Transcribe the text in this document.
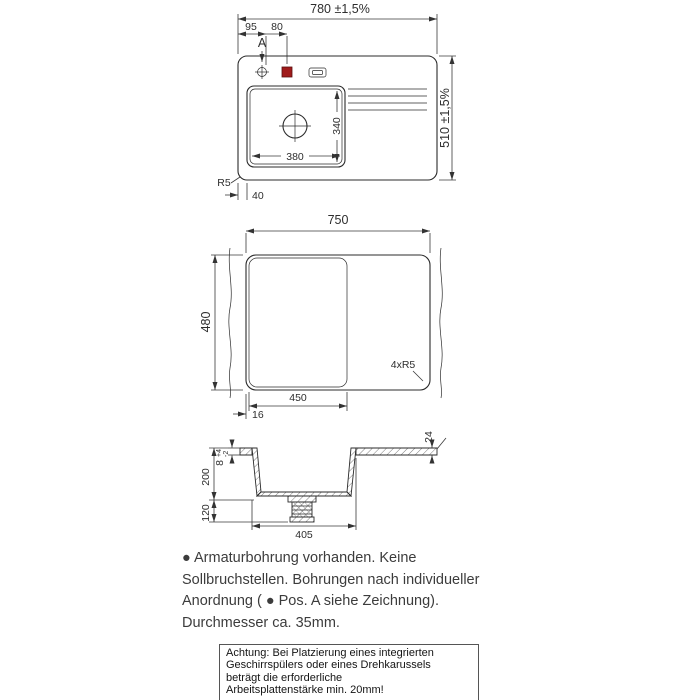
780 ±1,5%
95 80
A
340
380
510 ±1,5%
R5
40
750
480
4xR5
450
16
8
+4 -2
200
120
24
405
● Armaturbohrung vorhanden. Keine
Sollbruchstellen. Bohrungen nach individueller
Anordnung ( ● Pos. A siehe Zeichnung).
Durchmesser ca. 35mm.
Achtung: Bei Platzierung eines integrierten
Geschirrspülers oder eines Drehkarussels
beträgt die erforderliche
Arbeitsplattenstärke min. 20mm!
